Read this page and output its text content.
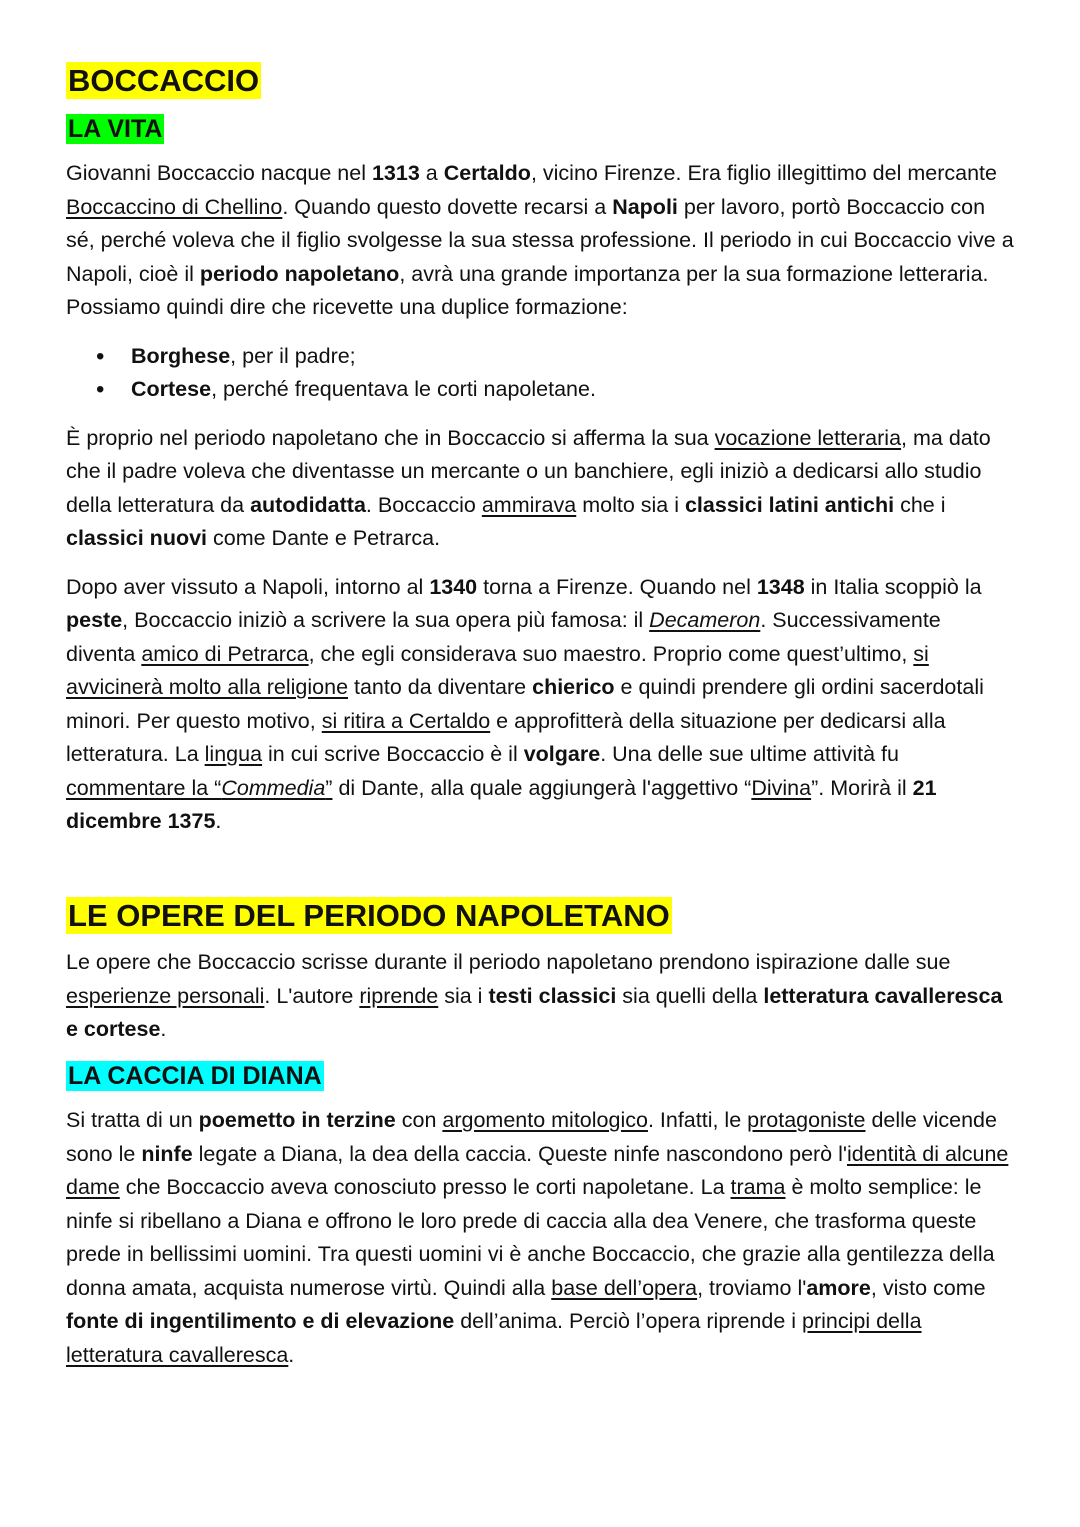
BOCCACCIO
LA VITA

Giovanni Boccaccio nacque nel 1313 a Certaldo, vicino Firenze. Era figlio illegittimo del mercante Boccaccino di Chellino. Quando questo dovette recarsi a Napoli per lavoro, portò Boccaccio con sé, perché voleva che il figlio svolgesse la sua stessa professione. Il periodo in cui Boccaccio vive a Napoli, cioè il periodo napoletano, avrà una grande importanza per la sua formazione letteraria. Possiamo quindi dire che ricevette una duplice formazione:

• Borghese, per il padre;
• Cortese, perché frequentava le corti napoletane.

È proprio nel periodo napoletano che in Boccaccio si afferma la sua vocazione letteraria, ma dato che il padre voleva che diventasse un mercante o un banchiere, egli iniziò a dedicarsi allo studio della letteratura da autodidatta. Boccaccio ammirava molto sia i classici latini antichi che i classici nuovi come Dante e Petrarca.

Dopo aver vissuto a Napoli, intorno al 1340 torna a Firenze. Quando nel 1348 in Italia scoppiò la peste, Boccaccio iniziò a scrivere la sua opera più famosa: il Decameron. Successivamente diventa amico di Petrarca, che egli considerava suo maestro. Proprio come quest’ultimo, si avvicinerà molto alla religione tanto da diventare chierico e quindi prendere gli ordini sacerdotali minori. Per questo motivo, si ritira a Certaldo e approfitterà della situazione per dedicarsi alla letteratura. La lingua in cui scrive Boccaccio è il volgare. Una delle sue ultime attività fu commentare la “Commedia” di Dante, alla quale aggiungerà l'aggettivo “Divina”. Morirà il 21 dicembre 1375.

LE OPERE DEL PERIODO NAPOLETANO

Le opere che Boccaccio scrisse durante il periodo napoletano prendono ispirazione dalle sue esperienze personali. L'autore riprende sia i testi classici sia quelli della letteratura cavalleresca e cortese.

LA CACCIA DI DIANA

Si tratta di un poemetto in terzine con argomento mitologico. Infatti, le protagoniste delle vicende sono le ninfe legate a Diana, la dea della caccia. Queste ninfe nascondono però l'identità di alcune dame che Boccaccio aveva conosciuto presso le corti napoletane. La trama è molto semplice: le ninfe si ribellano a Diana e offrono le loro prede di caccia alla dea Venere, che trasforma queste prede in bellissimi uomini. Tra questi uomini vi è anche Boccaccio, che grazie alla gentilezza della donna amata, acquista numerose virtù. Quindi alla base dell’opera, troviamo l'amore, visto come fonte di ingentilimento e di elevazione dell’anima. Perciò l’opera riprende i principi della letteratura cavalleresca.
